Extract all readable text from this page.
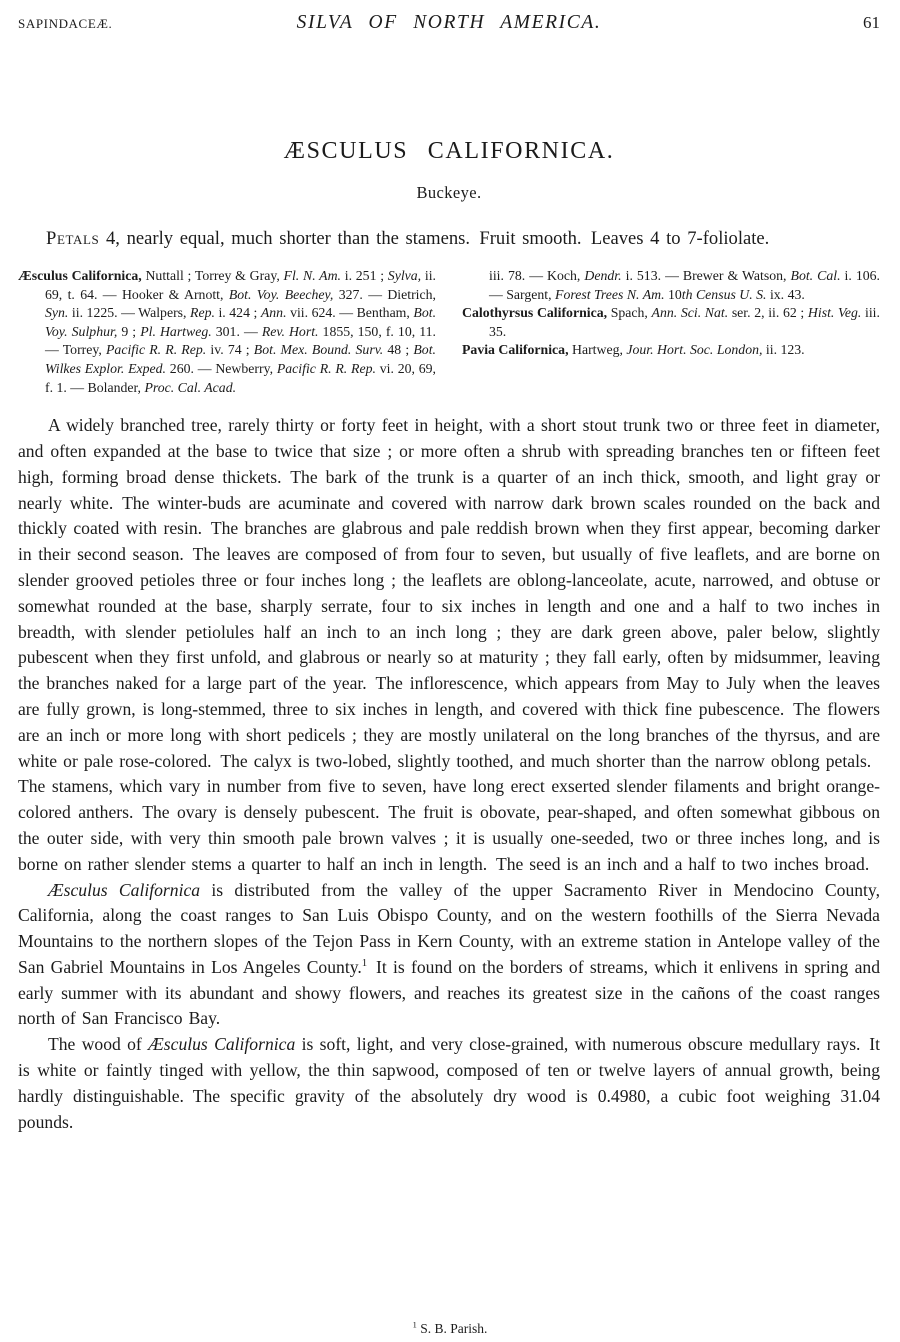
SAPINDACEÆ.	SILVA OF NORTH AMERICA.	61
ÆSCULUS CALIFORNICA.
Buckeye.

Petals 4, nearly equal, much shorter than the stamens. Fruit smooth. Leaves 4 to 7-foliolate.

Æsculus Californica, Nuttall ; Torrey & Gray, Fl. N. Am. i. 251 ; Sylva, ii. 69, t. 64. — Hooker & Arnott, Bot. Voy. Beechey, 327. — Dietrich, Syn. ii. 1225. — Walpers, Rep. i. 424 ; Ann. vii. 624. — Bentham, Bot. Voy. Sulphur, 9 ; Pl. Hartweg. 301. — Rev. Hort. 1855, 150, f. 10, 11. — Torrey, Pacific R. R. Rep. iv. 74 ; Bot. Mex. Bound. Surv. 48 ; Bot. Wilkes Explor. Exped. 260. — Newberry, Pacific R. R. Rep. vi. 20, 69, f. 1. — Bolander, Proc. Cal. Acad.

iii. 78. — Koch, Dendr. i. 513. — Brewer & Watson, Bot. Cal. i. 106. — Sargent, Forest Trees N. Am. 10th Census U. S. ix. 43.

Calothyrsus Californica, Spach, Ann. Sci. Nat. ser. 2, ii. 62 ; Hist. Veg. iii. 35.

Pavia Californica, Hartweg, Jour. Hort. Soc. London, ii. 123.

A widely branched tree, rarely thirty or forty feet in height, with a short stout trunk two or three feet in diameter, and often expanded at the base to twice that size ; or more often a shrub with spreading branches ten or fifteen feet high, forming broad dense thickets. The bark of the trunk is a quarter of an inch thick, smooth, and light gray or nearly white. The winter-buds are acuminate and covered with narrow dark brown scales rounded on the back and thickly coated with resin. The branches are glabrous and pale reddish brown when they first appear, becoming darker in their second season. The leaves are composed of from four to seven, but usually of five leaflets, and are borne on slender grooved petioles three or four inches long ; the leaflets are oblong-lanceolate, acute, narrowed, and obtuse or somewhat rounded at the base, sharply serrate, four to six inches in length and one and a half to two inches in breadth, with slender petiolules half an inch to an inch long ; they are dark green above, paler below, slightly pubescent when they first unfold, and glabrous or nearly so at maturity ; they fall early, often by midsummer, leaving the branches naked for a large part of the year. The inflorescence, which appears from May to July when the leaves are fully grown, is long-stemmed, three to six inches in length, and covered with thick fine pubescence. The flowers are an inch or more long with short pedicels ; they are mostly unilateral on the long branches of the thyrsus, and are white or pale rose-colored. The calyx is two-lobed, slightly toothed, and much shorter than the narrow oblong petals. The stamens, which vary in number from five to seven, have long erect exserted slender filaments and bright orange-colored anthers. The ovary is densely pubescent. The fruit is obovate, pear-shaped, and often somewhat gibbous on the outer side, with very thin smooth pale brown valves ; it is usually one-seeded, two or three inches long, and is borne on rather slender stems a quarter to half an inch in length. The seed is an inch and a half to two inches broad.

Æsculus Californica is distributed from the valley of the upper Sacramento River in Mendocino County, California, along the coast ranges to San Luis Obispo County, and on the western foothills of the Sierra Nevada Mountains to the northern slopes of the Tejon Pass in Kern County, with an extreme station in Antelope valley of the San Gabriel Mountains in Los Angeles County.$^1$ It is found on the borders of streams, which it enlivens in spring and early summer with its abundant and showy flowers, and reaches its greatest size in the cañons of the coast ranges north of San Francisco Bay.

The wood of Æsculus Californica is soft, light, and very close-grained, with numerous obscure medullary rays. It is white or faintly tinged with yellow, the thin sapwood, composed of ten or twelve layers of annual growth, being hardly distinguishable. The specific gravity of the absolutely dry wood is 0.4980, a cubic foot weighing 31.04 pounds.

$^1$ S. B. Parish.
